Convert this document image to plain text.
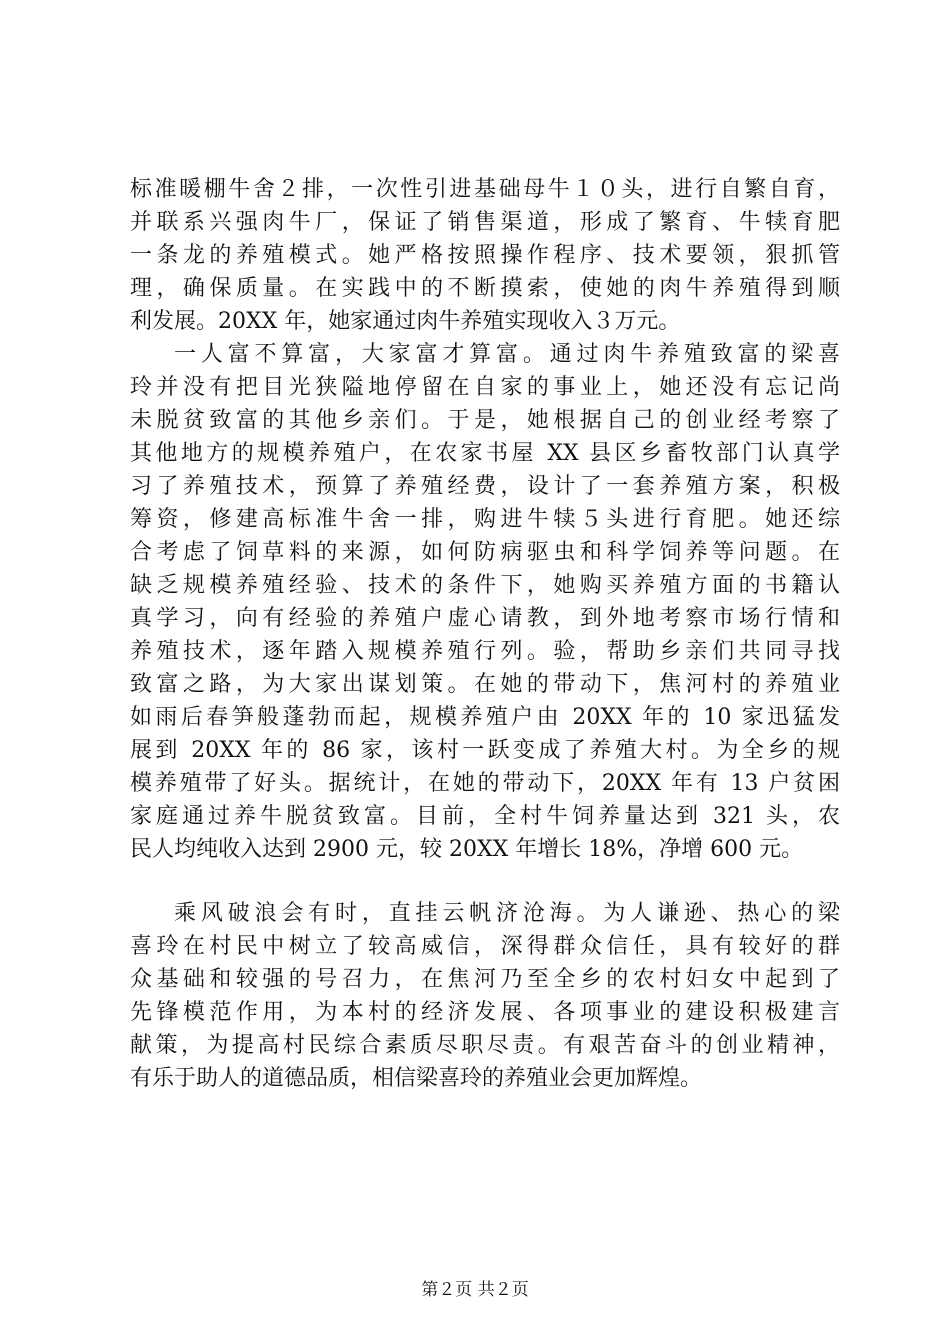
标准暖棚牛舍２排，一次性引进基础母牛１０头，进行自繁自育，
并联系兴强肉牛厂，保证了销售渠道，形成了繁育、牛犊育肥
一条龙的养殖模式。她严格按照操作程序、技术要领，狠抓管
理，确保质量。在实践中的不断摸索，使她的肉牛养殖得到顺
利发展。20XX 年，她家通过肉牛养殖实现收入３万元。
一人富不算富，大家富才算富。通过肉牛养殖致富的梁喜
玲并没有把目光狭隘地停留在自家的事业上，她还没有忘记尚
未脱贫致富的其他乡亲们。于是，她根据自己的创业经考察了
其他地方的规模养殖户，在农家书屋 XX 县区乡畜牧部门认真学
习了养殖技术，预算了养殖经费，设计了一套养殖方案，积极
筹资，修建高标准牛舍一排，购进牛犊５头进行育肥。她还综
合考虑了饲草料的来源，如何防病驱虫和科学饲养等问题。在
缺乏规模养殖经验、技术的条件下，她购买养殖方面的书籍认
真学习，向有经验的养殖户虚心请教，到外地考察市场行情和
养殖技术，逐年踏入规模养殖行列。验，帮助乡亲们共同寻找
致富之路，为大家出谋划策。在她的带动下，焦河村的养殖业
如雨后春笋般蓬勃而起，规模养殖户由 20XX 年的 10 家迅猛发
展到 20XX 年的 86 家，该村一跃变成了养殖大村。为全乡的规
模养殖带了好头。据统计，在她的带动下，20XX 年有 13 户贫困
家庭通过养牛脱贫致富。目前，全村牛饲养量达到 321 头，农
民人均纯收入达到 2900 元，较 20XX 年增长 18%，净增 600 元。
乘风破浪会有时，直挂云帆济沧海。为人谦逊、热心的梁
喜玲在村民中树立了较高威信，深得群众信任，具有较好的群
众基础和较强的号召力，在焦河乃至全乡的农村妇女中起到了
先锋模范作用，为本村的经济发展、各项事业的建设积极建言
献策，为提高村民综合素质尽职尽责。有艰苦奋斗的创业精神，
有乐于助人的道德品质，相信梁喜玲的养殖业会更加辉煌。
第２页 共２页
